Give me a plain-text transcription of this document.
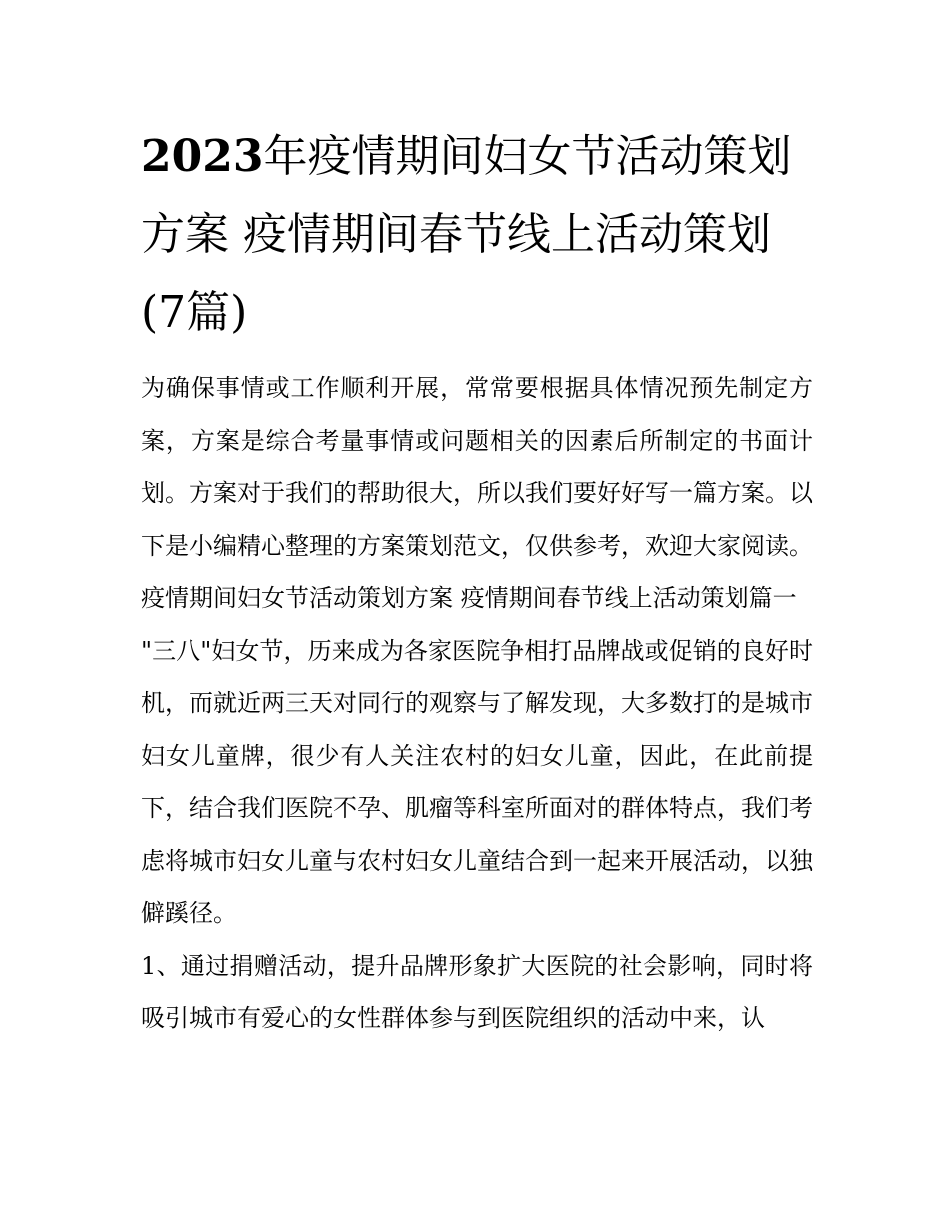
2023年疫情期间妇女节活动策划方案 疫情期间春节线上活动策划(7篇)

为确保事情或工作顺利开展，常常要根据具体情况预先制定方案，方案是综合考量事情或问题相关的因素后所制定的书面计划。方案对于我们的帮助很大，所以我们要好好写一篇方案。以下是小编精心整理的方案策划范文，仅供参考，欢迎大家阅读。

疫情期间妇女节活动策划方案 疫情期间春节线上活动策划篇一

"三八"妇女节，历来成为各家医院争相打品牌战或促销的良好时机，而就近两三天对同行的观察与了解发现，大多数打的是城市妇女儿童牌，很少有人关注农村的妇女儿童，因此，在此前提下，结合我们医院不孕、肌瘤等科室所面对的群体特点，我们考虑将城市妇女儿童与农村妇女儿童结合到一起来开展活动，以独僻蹊径。

1、通过捐赠活动，提升品牌形象扩大医院的社会影响，同时将吸引城市有爱心的女性群体参与到医院组织的活动中来，认
